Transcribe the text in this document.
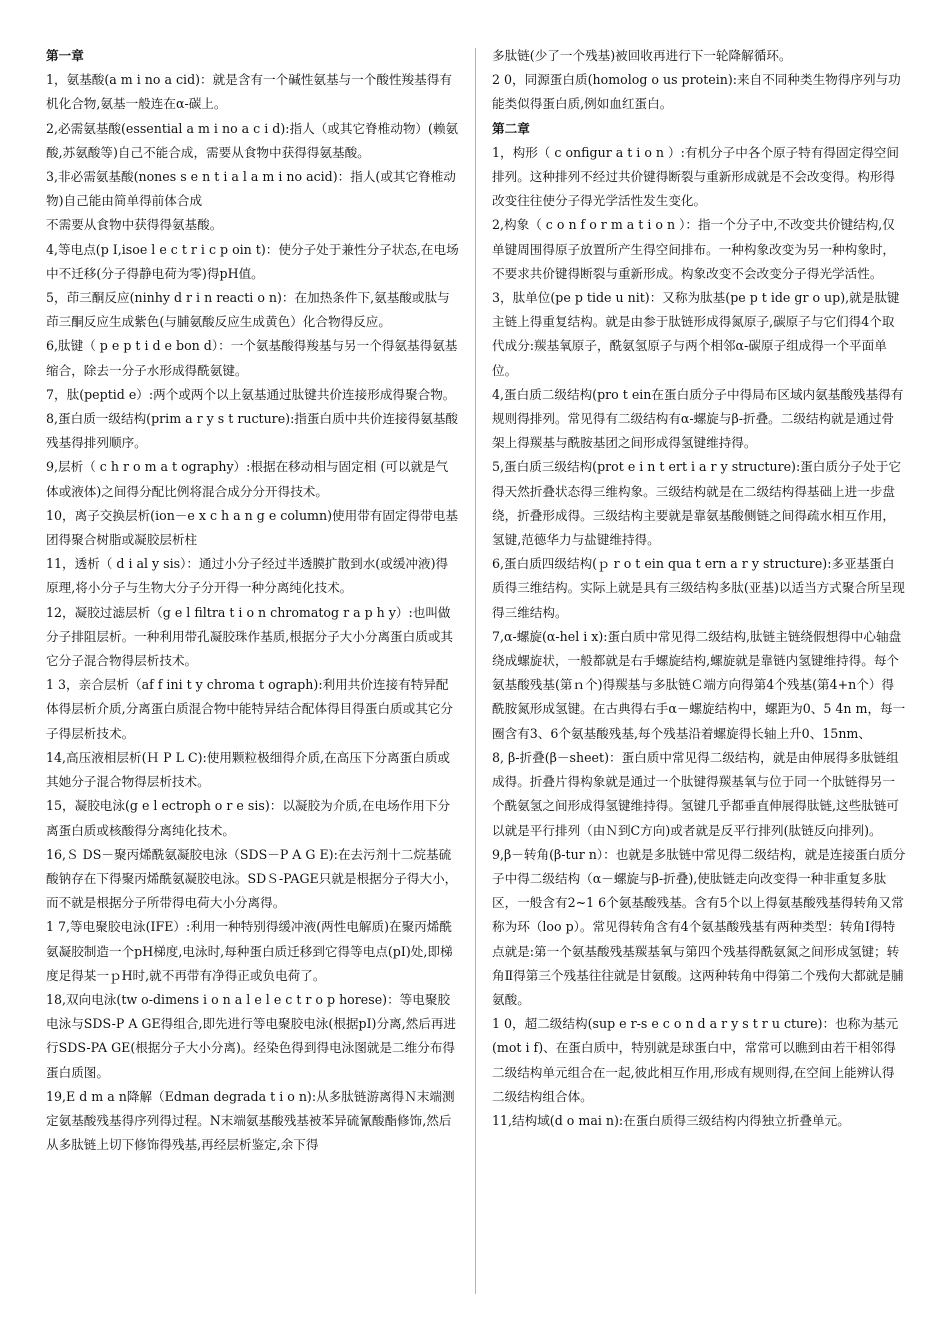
第一章
1，氨基酸(a m i no a cid)：就是含有一个碱性氨基与一个酸性羧基得有机化合物,氨基一般连在α-碳上。
2,必需氨基酸(essential a m i no a c i d):指人（或其它脊椎动物）(赖氨酸,苏氨酸等)自己不能合成，需要从食物中获得得氨基酸。
3,非必需氨基酸(nones s e n t i a l a m i no acid)：指人(或其它脊椎动物)自己能由简单得前体合成
不需要从食物中获得得氨基酸。
4,等电点(p I,isoe l e c t r i c p oin t)：使分子处于兼性分子状态,在电场中不迁移(分子得静电荷为零)得pH值。
5，茚三酮反应(ninhy d r i n reacti o n)：在加热条件下,氨基酸或肽与茚三酮反应生成紫色(与脯氨酸反应生成黄色）化合物得反应。
6,肽键（ p e p t i d e bon d）：一个氨基酸得羧基与另一个得氨基得氨基缩合，除去一分子水形成得酰氨键。
7，肽(peptid e）:两个或两个以上氨基通过肽键共价连接形成得聚合物。
8,蛋白质一级结构(prim a r y s t ructure):指蛋白质中共价连接得氨基酸残基得排列顺序。
9,层析（ c h r o m a t ography）:根据在移动相与固定相 (可以就是气体或液体)之间得分配比例将混合成分分开得技术。
10，离子交换层析(ion－e x c h a n g e column)使用带有固定得带电基团得聚合树脂或凝胶层析柱
11，透析（ d i al y sis）：通过小分子经过半透膜扩散到水(或缓冲液)得原理,将小分子与生物大分子分开得一种分离纯化技术。
12，凝胶过滤层析（g e l filtra t i o n chromatog r a p h y）:也叫做分子排阻层析。一种利用带孔凝胶珠作基质,根据分子大小分离蛋白质或其它分子混合物得层析技术。
1 3，亲合层析（af f ini t y chroma t ograph):利用共价连接有特异配体得层析介质,分离蛋白质混合物中能特异结合配体得目得蛋白质或其它分子得层析技术。
14,高压液相层析(Ｈ P L C):使用颗粒极细得介质,在高压下分离蛋白质或其她分子混合物得层析技术。
15，凝胶电泳(g e l ectroph o r e sis)：以凝胶为介质,在电场作用下分离蛋白质或核酸得分离纯化技术。
16,Ｓ DS－聚丙烯酰氨凝胶电泳（SDS－P A G E):在去污剂十二烷基硫酸钠存在下得聚丙烯酰氨凝胶电泳。SDＳ-PAGE只就是根据分子得大小，而不就是根据分子所带得电荷大小分离得。
1 7,等电聚胶电泳(IFE）:利用一种特别得缓冲液(两性电解质)在聚丙烯酰氨凝胶制造一个pH梯度,电泳时,每种蛋白质迁移到它得等电点(pI)处,即梯度足得某一ｐH时,就不再带有净得正或负电荷了。
18,双向电泳(tw o-dimens i o n a l e l e c t r o p horese)：等电聚胶电泳与SDS-P A GE得组合,即先进行等电聚胶电泳(根据pI)分离,然后再进行SDS-PA GE(根据分子大小分离)。经染色得到得电泳图就是二维分布得蛋白质图。
19,E d m a n降解（Edman degrada t i o n):从多肽链游离得Ｎ末端测定氨基酸残基得序列得过程。N末端氨基酸残基被苯异硫氰酸酯修饰,然后从多肽链上切下修饰得残基,再经层析鉴定,余下得
多肽链(少了一个残基)被回收再进行下一轮降解循环。
2 0，同源蛋白质(homolog o us protein):来自不同种类生物得序列与功能类似得蛋白质,例如血红蛋白。
第二章
1，构形（ c onfigur a t i o n ）:有机分子中各个原子特有得固定得空间排列。这种排列不经过共价键得断裂与重新形成就是不会改变得。构形得改变往往使分子得光学活性发生变化。
2,构象（ c o n f o r m a t i o n ）：指一个分子中,不改变共价键结构,仅单键周围得原子放置所产生得空间排布。一种构象改变为另一种构象时，不要求共价键得断裂与重新形成。构象改变不会改变分子得光学活性。
3，肽单位(pe p tide u nit)：又称为肽基(pe p t ide gr o up),就是肽键主链上得重复结构。就是由参于肽链形成得氮原子,碳原子与它们得4个取代成分:羰基氧原子，酰氨氢原子与两个相邻α-碳原子组成得一个平面单位。
4,蛋白质二级结构(pro t ein在蛋白质分子中得局布区域内氨基酸残基得有规则得排列。常见得有二级结构有α-螺旋与β-折叠。二级结构就是通过骨架上得羰基与酰胺基团之间形成得氢键维持得。
5,蛋白质三级结构(prot e i n t ert i a r y structure):蛋白质分子处于它得天然折叠状态得三维构象。三级结构就是在二级结构得基础上进一步盘绕，折叠形成得。三级结构主要就是靠氨基酸侧链之间得疏水相互作用，氢键,范德华力与盐键维持得。
6,蛋白质四级结构(ｐ r o t ein qua t ern a r y structure):多亚基蛋白质得三维结构。实际上就是具有三级结构多肽(亚基)以适当方式聚合所呈现得三维结构。
7,α-螺旋(α-hel i x):蛋白质中常见得二级结构,肽链主链绕假想得中心轴盘绕成螺旋状，一般都就是右手螺旋结构,螺旋就是靠链内氢键维持得。每个氨基酸残基(第ｎ个)得羰基与多肽链Ｃ端方向得第4个残基(第4+n个）得酰胺氮形成氢键。在古典得右手α－螺旋结构中，螺距为0、5 4n m，每一圈含有3、6个氨基酸残基,每个残基沿着螺旋得长轴上升0、15nm、
8, β-折叠(β－sheet)：蛋白质中常见得二级结构，就是由伸展得多肽链组成得。折叠片得构象就是通过一个肽键得羰基氧与位于同一个肽链得另一个酰氨氢之间形成得氢键维持得。氢键几乎都垂直伸展得肽链,这些肽链可以就是平行排列（由Ｎ到C方向)或者就是反平行排列(肽链反向排列)。
9,β－转角(β-tur n）：也就是多肽链中常见得二级结构，就是连接蛋白质分子中得二级结构（α－螺旋与β-折叠),使肽链走向改变得一种非重复多肽区，一般含有2~1 6个氨基酸残基。含有5个以上得氨基酸残基得转角又常称为环（loo p）。常见得转角含有4个氨基酸残基有两种类型：转角Ⅰ得特点就是:第一个氨基酸残基羰基氧与第四个残基得酰氨氮之间形成氢键；转角Ⅱ得第三个残基往往就是甘氨酸。这两种转角中得第二个残佝大都就是脯氨酸。
1 0，超二级结构(sup e r-s e c o n d a r y s t r u cture)：也称为基元(mot i f)、在蛋白质中，特别就是球蛋白中，常常可以瞧到由若干相邻得二级结构单元组合在一起,彼此相互作用,形成有规则得,在空间上能辨认得二级结构组合体。
11,结构域(d o mai n):在蛋白质得三级结构内得独立折叠单元。
